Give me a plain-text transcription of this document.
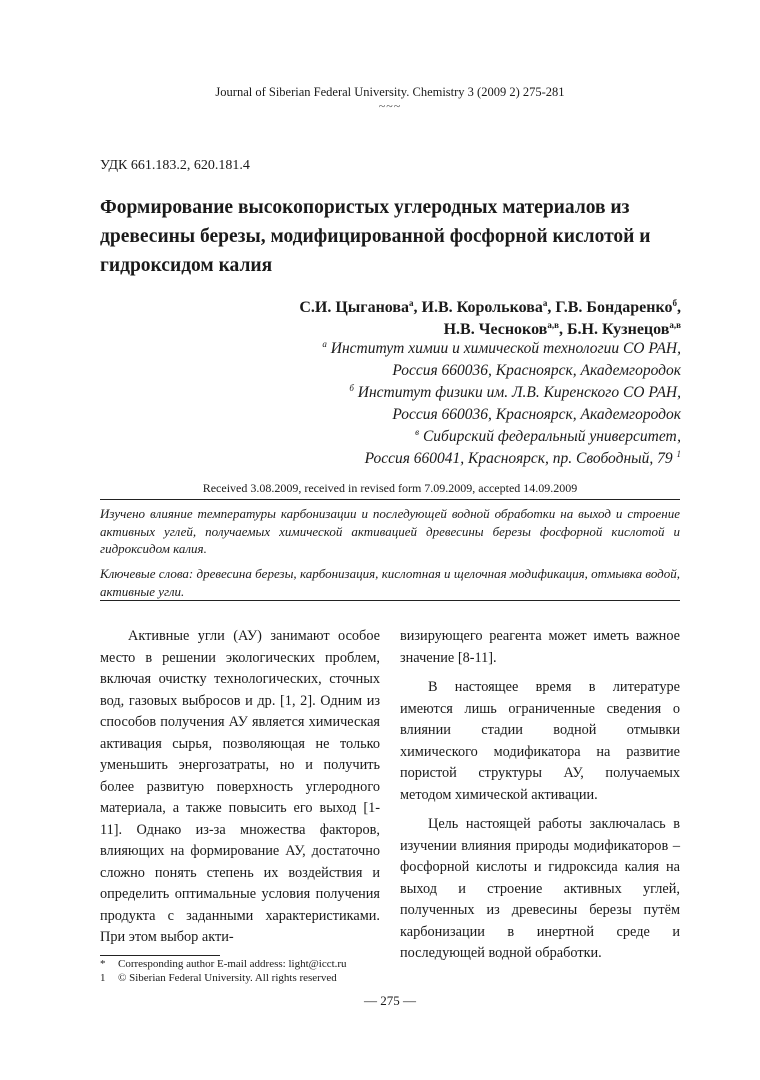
Journal of Siberian Federal University. Chemistry 3 (2009 2) 275-281
~~~
УДК 661.183.2, 620.181.4
Формирование высокопористых углеродных материалов из древесины березы, модифицированной фосфорной кислотой и гидроксидом калия
С.И. Цыганова$^а$, И.В. Королькова$^а$, Г.В. Бондаренко$^б$,
Н.В. Чесноков$^{а,в}$, Б.Н. Кузнецов$^{а,в}$
$^а$ Институт химии и химической технологии СО РАН,
Россия 660036, Красноярск, Академгородок
$^б$ Институт физики им. Л.В. Киренского СО РАН,
Россия 660036, Красноярск, Академгородок
$^в$ Сибирский федеральный университет,
Россия 660041, Красноярск, пр. Свободный, 79 $^1$
Received 3.08.2009, received in revised form 7.09.2009, accepted 14.09.2009
Изучено влияние температуры карбонизации и последующей водной обработки на выход и строение активных углей, получаемых химической активацией древесины березы фосфорной кислотой и гидроксидом калия.
Ключевые слова: древесина березы, карбонизация, кислотная и щелочная модификация, отмывка водой, активные угли.

Активные угли (АУ) занимают особое место в решении экологических проблем, включая очистку технологических, сточных вод, газовых выбросов и др. [1, 2]. Одним из способов получения АУ является химическая активация сырья, позволяющая не только уменьшить энергозатраты, но и получить более развитую поверхность углеродного материала, а также повысить его выход [1-11]. Однако из-за множества факторов, влияющих на формирование АУ, достаточно сложно понять степень их воздействия и определить оптимальные условия получения продукта с заданными характеристиками. При этом выбор акти-

визирующего реагента может иметь важное значение [8-11].

В настоящее время в литературе имеются лишь ограниченные сведения о влиянии стадии водной отмывки химического модификатора на развитие пористой структуры АУ, получаемых методом химической активации.

Цель настоящей работы заключалась в изучении влияния природы модификаторов – фосфорной кислоты и гидроксида калия на выход и строение активных углей, полученных из древесины березы путём карбонизации в инертной среде и последующей водной обработки.

* Corresponding author E-mail address: light@icct.ru
1 © Siberian Federal University. All rights reserved
— 275 —
